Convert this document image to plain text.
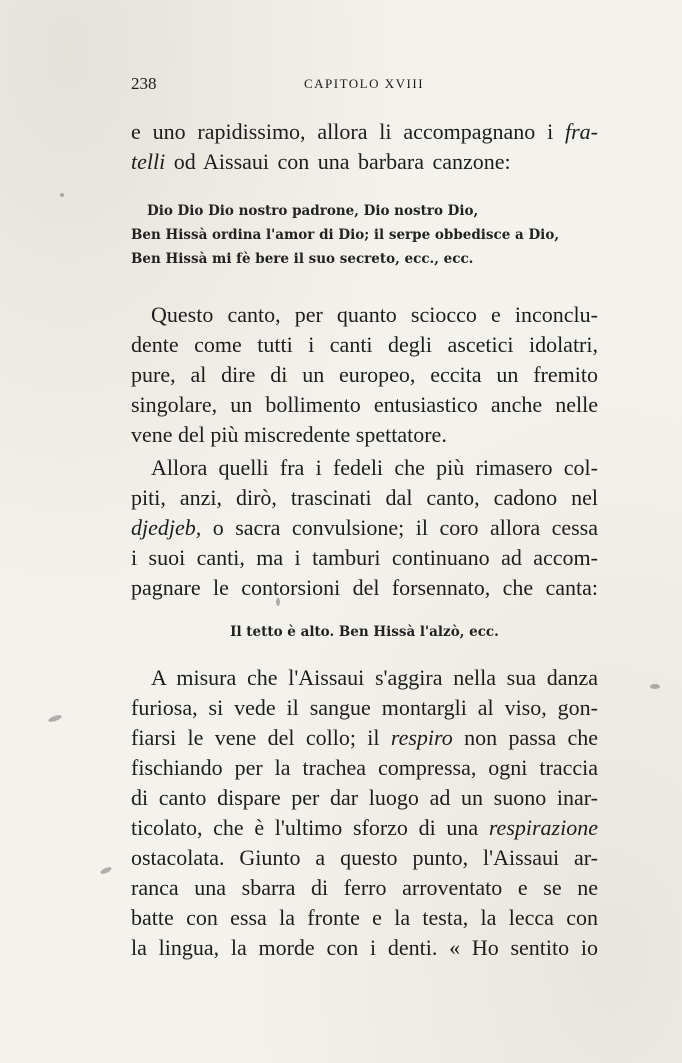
238	CAPITOLO XVIII
e uno rapidissimo, allora li accompagnano i fra-
telli od Aissaui con una barbara canzone:
Dio Dio Dio nostro padrone, Dio nostro Dio,
Ben Hissà ordina l'amor di Dio; il serpe obbedisce a Dio,
Ben Hissà mi fè bere il suo secreto, ecc., ecc.
Questo canto, per quanto sciocco e inconclu-
dente come tutti i canti degli ascetici idolatri,
pure, al dire di un europeo, eccita un fremito
singolare, un bollimento entusiastico anche nelle
vene del più miscredente spettatore.
Allora quelli fra i fedeli che più rimasero col-
piti, anzi, dirò, trascinati dal canto, cadono nel
djedjeb, o sacra convulsione; il coro allora cessa
i suoi canti, ma i tamburi continuano ad accom-
pagnare le contorsioni del forsennato, che canta:
Il tetto è alto. Ben Hissà l'alzò, ecc.
A misura che l'Aissaui s'aggira nella sua danza
furiosa, si vede il sangue montargli al viso, gon-
fiarsi le vene del collo; il respiro non passa che
fischiando per la trachea compressa, ogni traccia
di canto dispare per dar luogo ad un suono inar-
ticolato, che è l'ultimo sforzo di una respirazione
ostacolata. Giunto a questo punto, l'Aissaui ar-
ranca una sbarra di ferro arroventato e se ne
batte con essa la fronte e la testa, la lecca con
la lingua, la morde con i denti. « Ho sentito io
